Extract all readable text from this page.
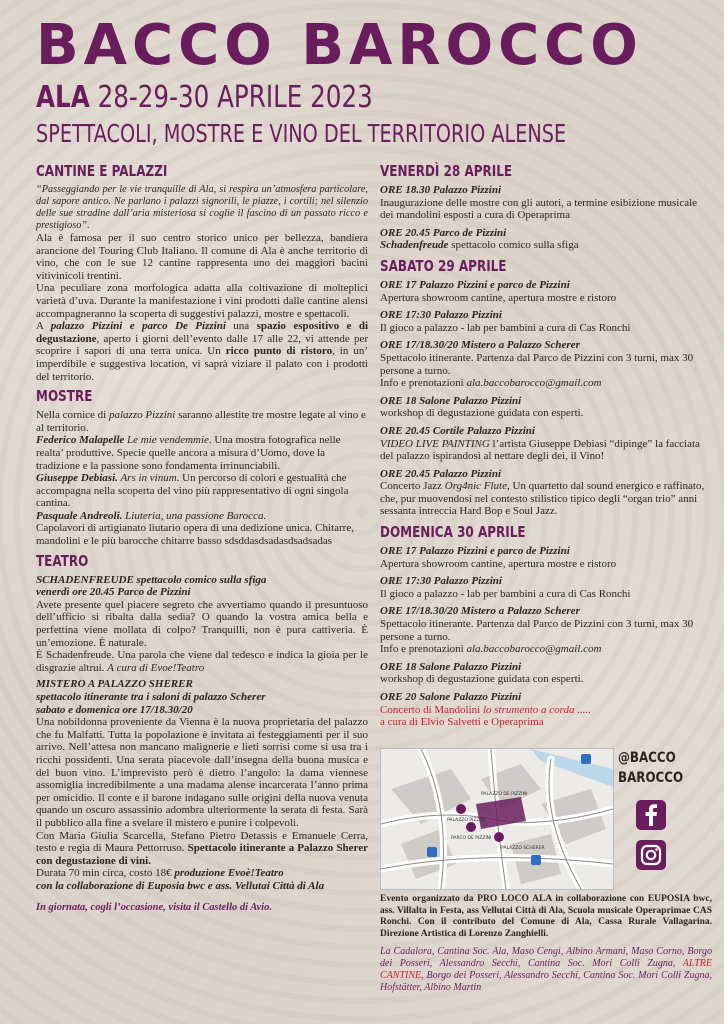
BACCO BAROCCO
ALA 28-29-30 APRILE 2023
SPETTACOLI, MOSTRE E VINO DEL TERRITORIO ALENSE
CANTINE E PALAZZI

“Passeggiando per le vie tranquille di Ala, si respira un’atmosfera particolare, dal sapore antico. Ne parlano i palazzi signorili, le piazze, i cortili; nel silenzio delle sue stradine dall’aria misteriosa si coglie il fascino di un passato ricco e prestigioso”.

Ala è famosa per il suo centro storico unico per bellezza, bandiera arancione del Touring Club Italiano. Il comune di Ala è anche territorio di vino, che con le sue 12 cantine rappresenta uno dei maggiori bacini vitivinicoli trentini.

Una peculiare zona morfologica adatta alla coltivazione di molteplici varietà d’uva. Durante la manifestazione i vini prodotti dalle cantine alensi accompagneranno la scoperta di suggestivi palazzi, mostre e spettacoli.

A palazzo Pizzini e parco De Pizzini una spazio espositivo e di degustazione, aperto i giorni dell’evento dalle 17 alle 22, vi attende per scoprire i sapori di una terra unica. Un ricco punto di ristoro, in un’ imperdibile e suggestiva location, vi saprà viziare il palato con i prodotti del territorio.

MOSTRE

Nella cornice di palazzo Pizzini saranno allestite tre mostre legate al vino e al territorio.

Federico Malapelle Le mie vendemmie. Una mostra fotografica nelle realta’ produttive. Specie quelle ancora a misura d’Uomo, dove la tradizione e la passione sono fondamenta irrinunciabili.

Giuseppe Debiasi. Ars in vinum. Un percorso di colori e gestualità che accompagna nella scoperta del vino più rappresentativo di ogni singola cantina.

Pasquale Andreoli. Liuteria, una passione Barocca.
Capolavori di artigianato liutario opera di una dedizione unica. Chitarre, mandolini e le più barocche chitarre basso sdsddasdsadasdsadsadas

TEATRO

SCHADENFREUDE spettacolo comico sulla sfiga

venerdì ore 20.45 Parco de Pizzini

Avete presente quel piacere segreto che avvertiamo quando il presuntuoso dell’ufficio si ribalta dalla sedia? O quando la vostra amica bella e perfettina viene mollata di colpo? Tranquilli, non è pura cattiveria. È un’emozione. È naturale.

È Schadenfreude. Una parola che viene dal tedesco e indica la gioia per le disgrazie altrui. A cura di Evoe!Teatro

MISTERO A PALAZZO SHERER

spettacolo itinerante tra i saloni di palazzo Scherer

sabato e domenica ore 17/18.30/20

Una nobildonna proveniente da Vienna è la nuova proprietaria del palazzo che fu Malfatti. Tutta la popolazione è invitata ai festeggiamenti per il suo arrivo. Nell’attesa non mancano malignerie e lieti sorrisi come si usa tra i ricchi possidenti. Una serata piacevole dall’insegna della buona musica e del buon vino. L’imprevisto però è dietro l’angolo: la dama viennese assomiglia incredibilmente a una madama alense incarcerata l’anno prima per omicidio. Il conte e il barone indagano sulle origini della nuova venuta quando un oscuro assassinio adombra ulteriormente la serata di festa. Sarà il pubblico alla fine a svelare il mistero e punire i colpevoli.

Con Maria Giulia Scarcella, Stefano Pietro Detassis e Emanuele Cerra, testo e regia di Maura Pettorruso. Spettacolo itinerante a Palazzo Sherer con degustazione di vini.

Durata 70 min circa, costo 18€ produzione Evoè!Teatro

con la collaborazione di Euposia bwc e ass. Vellutai Città di Ala

In giornata, cogli l’occasione, visita il Castello di Avio.

VENERDÌ 28 APRILE
ORE 18.30 Palazzo Pizzini
Inaugurazione delle mostre con gli autori, a termine esibizione musicale dei mandolini esposti a cura di Operaprima
ORE 20.45 Parco de Pizzini
Schadenfreude spettacolo comico sulla sfiga
SABATO 29 APRILE
ORE 17 Palazzo Pizzini e parco de Pizzini
Apertura showroom cantine, apertura mostre e ristoro
ORE 17:30 Palazzo Pizzini
Il gioco a palazzo - lab per bambini a cura di Cas Ronchi
ORE 17/18.30/20 Mistero a Palazzo Scherer
Spettacolo itinerante. Partenza dal Parco de Pizzini con 3 turni, max 30 persone a turno.
Info e prenotazioni ala.baccobarocco@gmail.com
ORE 18 Salone Palazzo Pizzini
workshop di degustazione guidata con esperti.
ORE 20.45 Cortile Palazzo Pizzini
VIDEO LIVE PAINTING l’artista Giuseppe Debiasi “dipinge” la facciata del palazzo ispirandosi al nettare degli dei, il Vino!
ORE 20.45 Palazzo Pizzini
Concerto Jazz Org4nic Flute, Un quartetto dal sound energico e raffinato, che, pur muovendosi nel contesto stilistico tipico degli “organ trio” anni sessanta intreccia Hard Bop e Soul Jazz.
DOMENICA 30 APRILE
ORE 17 Palazzo Pizzini e parco de Pizzini
Apertura showroom cantine, apertura mostre e ristoro
ORE 17:30 Palazzo Pizzini
Il gioco a palazzo - lab per bambini a cura di Cas Ronchi
ORE 17/18.30/20 Mistero a Palazzo Scherer
Spettacolo itinerante. Partenza dal Parco de Pizzini con 3 turni, max 30 persone a turno.
Info e prenotazioni ala.baccobarocco@gmail.com
ORE 18 Salone Palazzo Pizzini
workshop di degustazione guidata con esperti.
ORE 20 Salone Palazzo Pizzini
Concerto di Mandolini lo strumento a corda .....
a cura di Elvio Salvetti e Operaprima
PALAZZO DE PIZZINI
PALAZZO PIZZINI
PARCO DE PIZZINI
PALAZZO SCHERER
@BACCO
BAROCCO

Evento organizzato da PRO LOCO ALA in collaborazione con EUPOSIA bwc, ass. Villalta in Festa, ass Vellutai Città di Ala, Scuola musicale Operaprimae CAS Ronchi. Con il contributo del Comune di Ala, Cassa Rurale Vallagarina. Direzione Artistica di Lorenzo Zanghielli.

La Cadalora, Cantina Soc. Ala, Maso Cengi, Albino Armani, Maso Corno, Borgo dei Posseri, Alessandro Secchi, Cantina Soc. Mori Colli Zugna, ALTRE CANTINE, Borgo dei Posseri, Alessandro Secchi, Cantina Soc. Mori Colli Zugna, Hofstätter, Albino Martin
